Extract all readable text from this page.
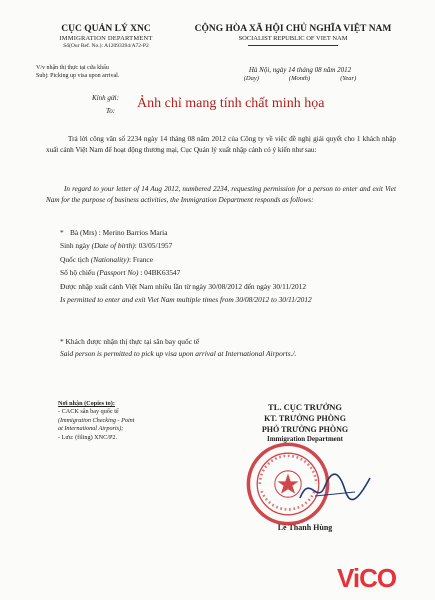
CỤC QUẢN LÝ XNC
IMMIGRATION DEPARTMENT
Số(Our Ref. No.): A12093394/A72-P2
CỘNG HÒA XÃ HỘI CHỦ NGHĨA VIỆT NAM
SOCIALIST REPUBLIC OF VIET NAM
V/v nhận thị thực tại cửa khẩu
Subj: Picking up visa upon arrival.
Hà Nội, ngày 14 tháng 08 năm 2012
(Day)	(Month)	(Year)
Kính gửi:
To: Ảnh chỉ mang tính chất minh họa
Trả lời công văn số 2234 ngày 14 tháng 08 năm 2012 của Công ty về việc đề nghị giải quyết cho 1 khách nhập xuất cảnh Việt Nam để hoạt động thương mại, Cục Quản lý xuất nhập cảnh có ý kiến như sau:
In regard to your letter of 14 Aug 2012, numbered 2234, requesting permission for a person to enter and exit Viet Nam for the purpose of business activities, the Immigration Department responds as follows:
* Bà (Mrs) : Merino Barrios Maria
Sinh ngày (Date of birth): 03/05/1957
Quốc tịch (Nationality): France
Số hộ chiếu (Passport No) : 04BK63547
Được nhập xuất cảnh Việt Nam nhiều lần từ ngày 30/08/2012 đến ngày 30/11/2012
Is permitted to enter and exit Viet Nam multiple times from 30/08/2012 to 30/11/2012
* Khách được nhận thị thực tại sân bay quốc tế
Said person is permitted to pick up visa upon arrival at International Airports./.
Nơi nhận (Copies to):
- CACK sân bay quốc tế
(Immigration Checking - Point
at International Airports);
- Lưu: (filing) XNC/P2.
TL. CỤC TRƯỞNG
KT. TRƯỞNG PHÒNG
PHÓ TRƯỞNG PHÒNG
Immigration Department
Lê Thanh Hùng
ViCO
